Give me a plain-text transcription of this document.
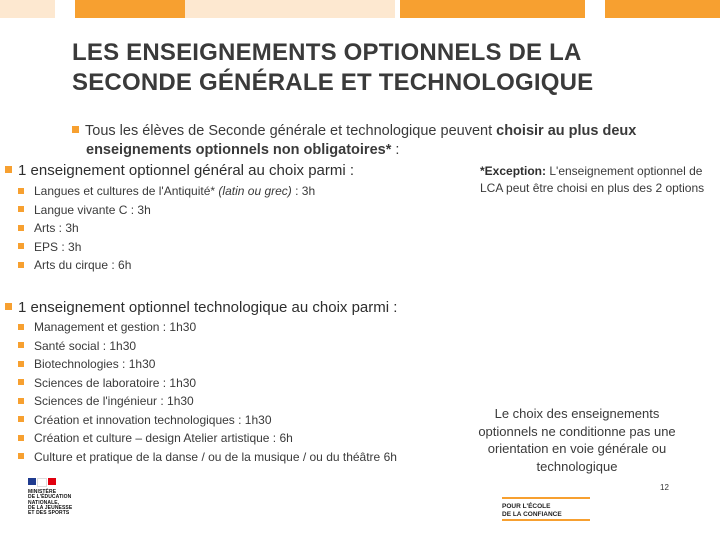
LES ENSEIGNEMENTS OPTIONNELS DE LA
SECONDE GÉNÉRALE ET TECHNOLOGIQUE
Tous les élèves de Seconde générale et technologique peuvent choisir au plus deux
enseignements optionnels non obligatoires* :
1 enseignement optionnel général au choix parmi :
Langues et cultures de l'Antiquité* (latin ou grec) : 3h
Langue vivante C : 3h
Arts : 3h
EPS : 3h
Arts du cirque : 6h
*Exception: L'enseignement optionnel de LCA peut être choisi en plus des 2 options
1 enseignement optionnel technologique au choix parmi :
Management et gestion : 1h30
Santé social : 1h30
Biotechnologies : 1h30
Sciences de laboratoire : 1h30
Sciences de l'ingénieur : 1h30
Création et innovation technologiques : 1h30
Création et culture – design Atelier artistique : 6h
Culture et pratique de la danse / ou de la musique / ou du théâtre 6h
Le choix des enseignements optionnels ne conditionne pas une orientation en voie générale ou technologique
MINISTÈRE
DE L'ÉDUCATION
NATIONALE,
DE LA JEUNESSE
ET DES SPORTS
POUR L'ÉCOLE
DE LA CONFIANCE
12
